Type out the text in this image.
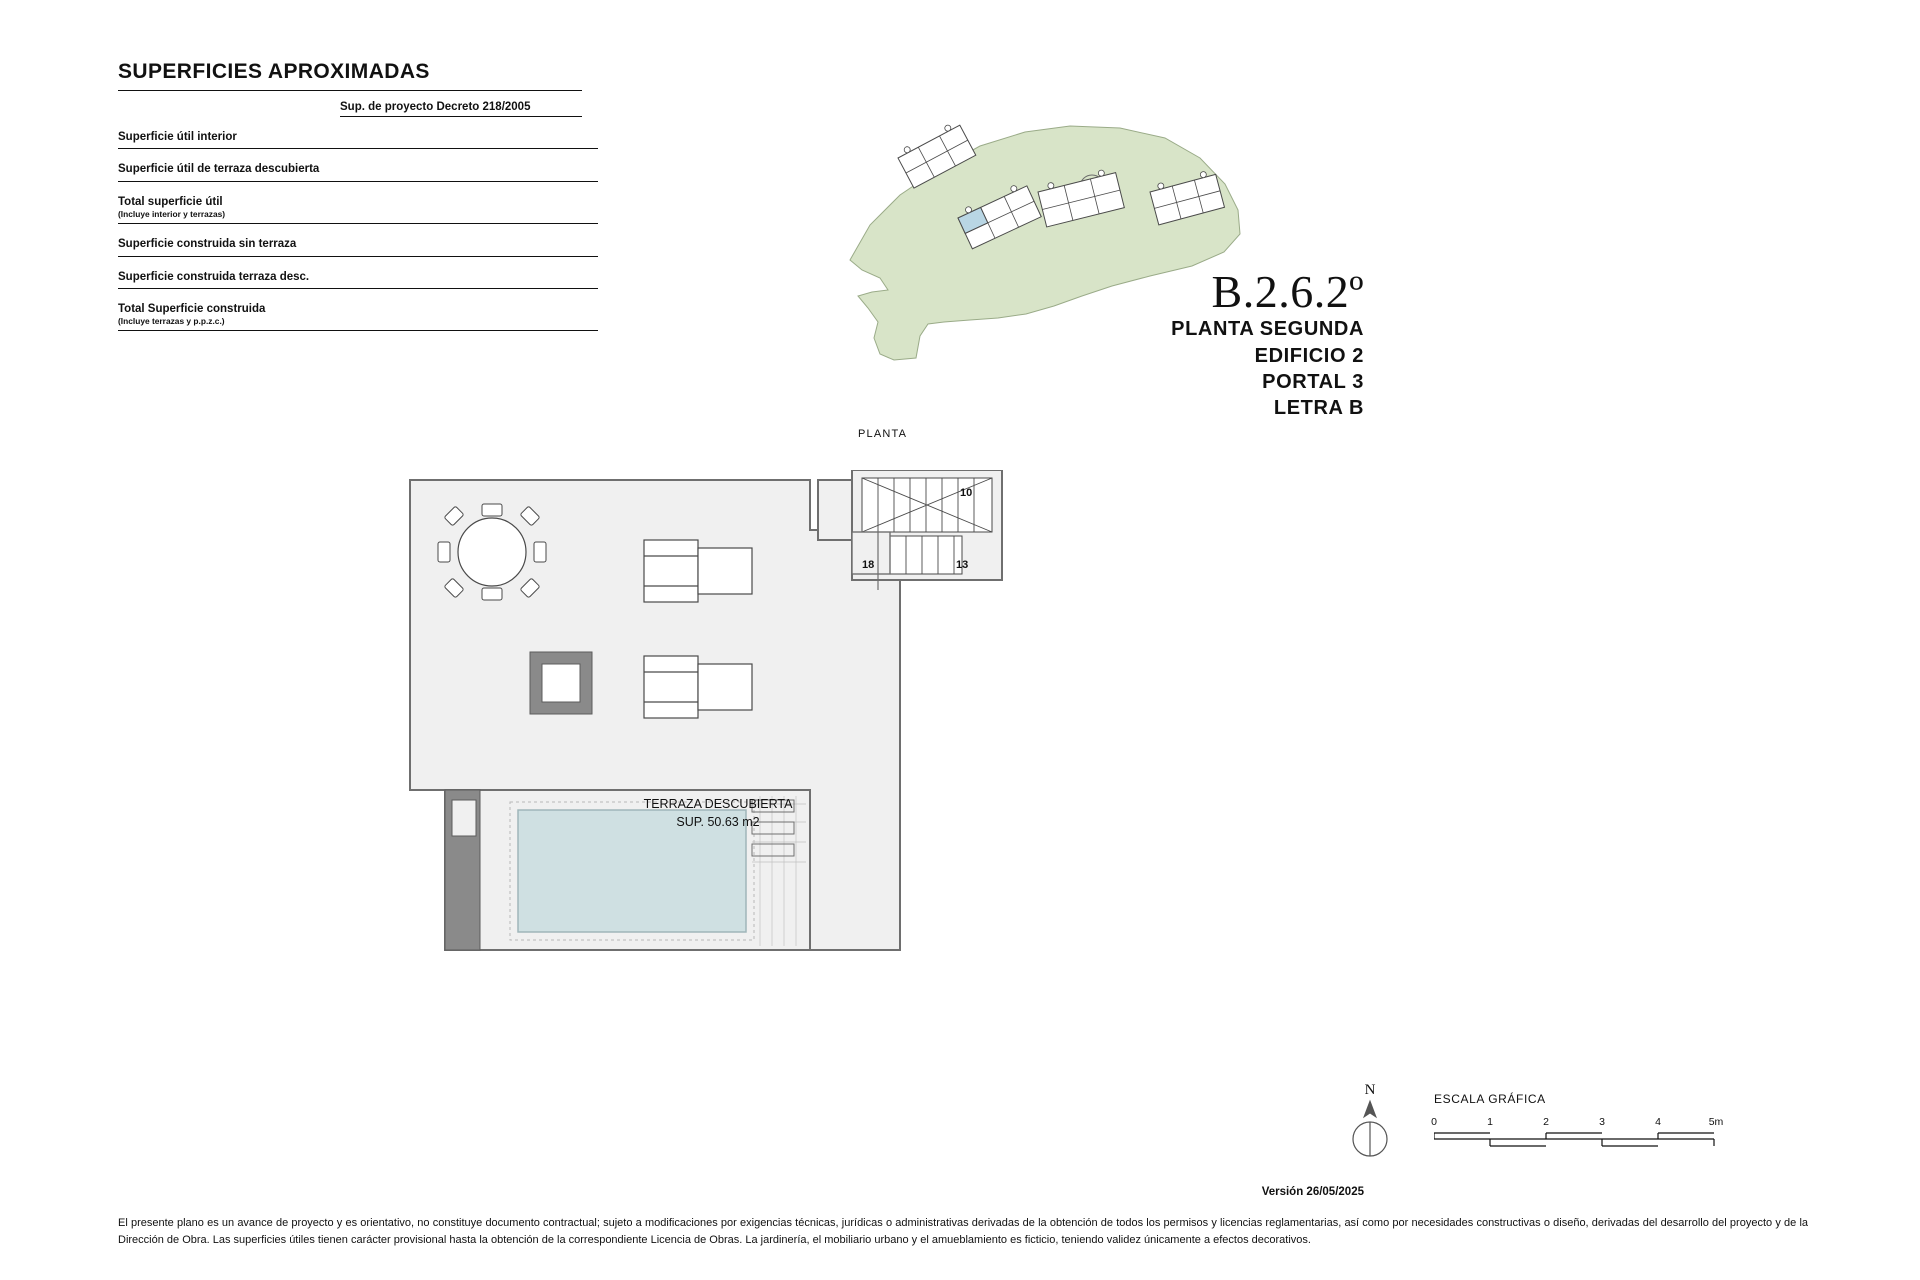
SUPERFICIES APROXIMADAS
Sup. de proyecto Decreto 218/2005
Superficie útil interior
Superficie útil de terraza descubierta
Total superficie útil
(Incluye interior y terrazas)
Superficie construida sin terraza
Superficie construida terraza desc.
Total Superficie construida
(Incluye terrazas y p.p.z.c.)
B.2.6.2º
PLANTA SEGUNDA
EDIFICIO 2
PORTAL 3
LETRA B
PLANTA
10
18	13
TERRAZA DESCUBIERTA
SUP. 50.63 m2
N
ESCALA GRÁFICA
0	1	2	3	4	5m
Versión 26/05/2025
El presente plano es un avance de proyecto y es orientativo, no constituye documento contractual; sujeto a modificaciones por exigencias técnicas, jurídicas o administrativas derivadas de la obtención de todos los permisos y licencias reglamentarias, así como por necesidades constructivas o diseño, derivadas del desarrollo del proyecto y de la Dirección de Obra. Las superficies útiles tienen carácter provisional hasta la obtención de la correspondiente Licencia de Obras. La jardinería, el mobiliario urbano y el amueblamiento es ficticio, teniendo validez únicamente a efectos decorativos.
